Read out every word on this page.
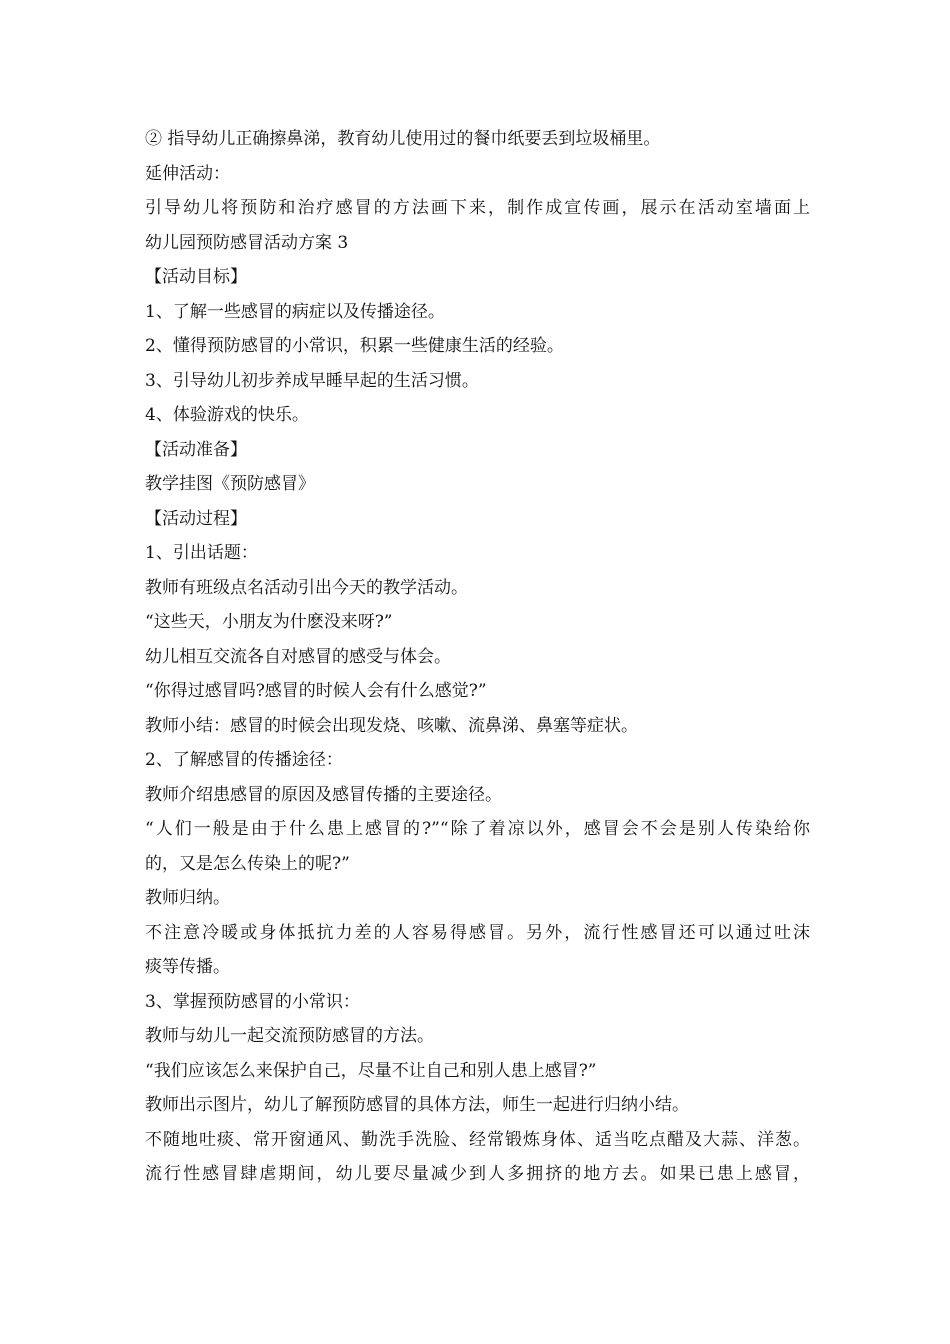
② 指导幼儿正确擦鼻涕，教育幼儿使用过的餐巾纸要丢到垃圾桶里。
延伸活动：
引导幼儿将预防和治疗感冒的方法画下来，制作成宣传画，展示在活动室墙面上
幼儿园预防感冒活动方案 3
【活动目标】
1、了解一些感冒的病症以及传播途径。
2、懂得预防感冒的小常识，积累一些健康生活的经验。
3、引导幼儿初步养成早睡早起的生活习惯。
4、体验游戏的快乐。
【活动准备】
教学挂图《预防感冒》
【活动过程】
1、引出话题：
教师有班级点名活动引出今天的教学活动。
“这些天，小朋友为什麽没来呀?”
幼儿相互交流各自对感冒的感受与体会。
“你得过感冒吗?感冒的时候人会有什么感觉?”
教师小结：感冒的时候会出现发烧、咳嗽、流鼻涕、鼻塞等症状。
2、了解感冒的传播途径：
教师介绍患感冒的原因及感冒传播的主要途径。
“人们一般是由于什么患上感冒的?”“除了着凉以外，感冒会不会是别人传染给你
的，又是怎么传染上的呢?”
教师归纳。
不注意冷暖或身体抵抗力差的人容易得感冒。另外，流行性感冒还可以通过吐沫
痰等传播。
3、掌握预防感冒的小常识：
教师与幼儿一起交流预防感冒的方法。
“我们应该怎么来保护自己，尽量不让自己和别人患上感冒?”
教师出示图片，幼儿了解预防感冒的具体方法，师生一起进行归纳小结。
不随地吐痰、常开窗通风、勤洗手洗脸、经常锻炼身体、适当吃点醋及大蒜、洋葱。
流行性感冒肆虐期间，幼儿要尽量减少到人多拥挤的地方去。如果已患上感冒，
